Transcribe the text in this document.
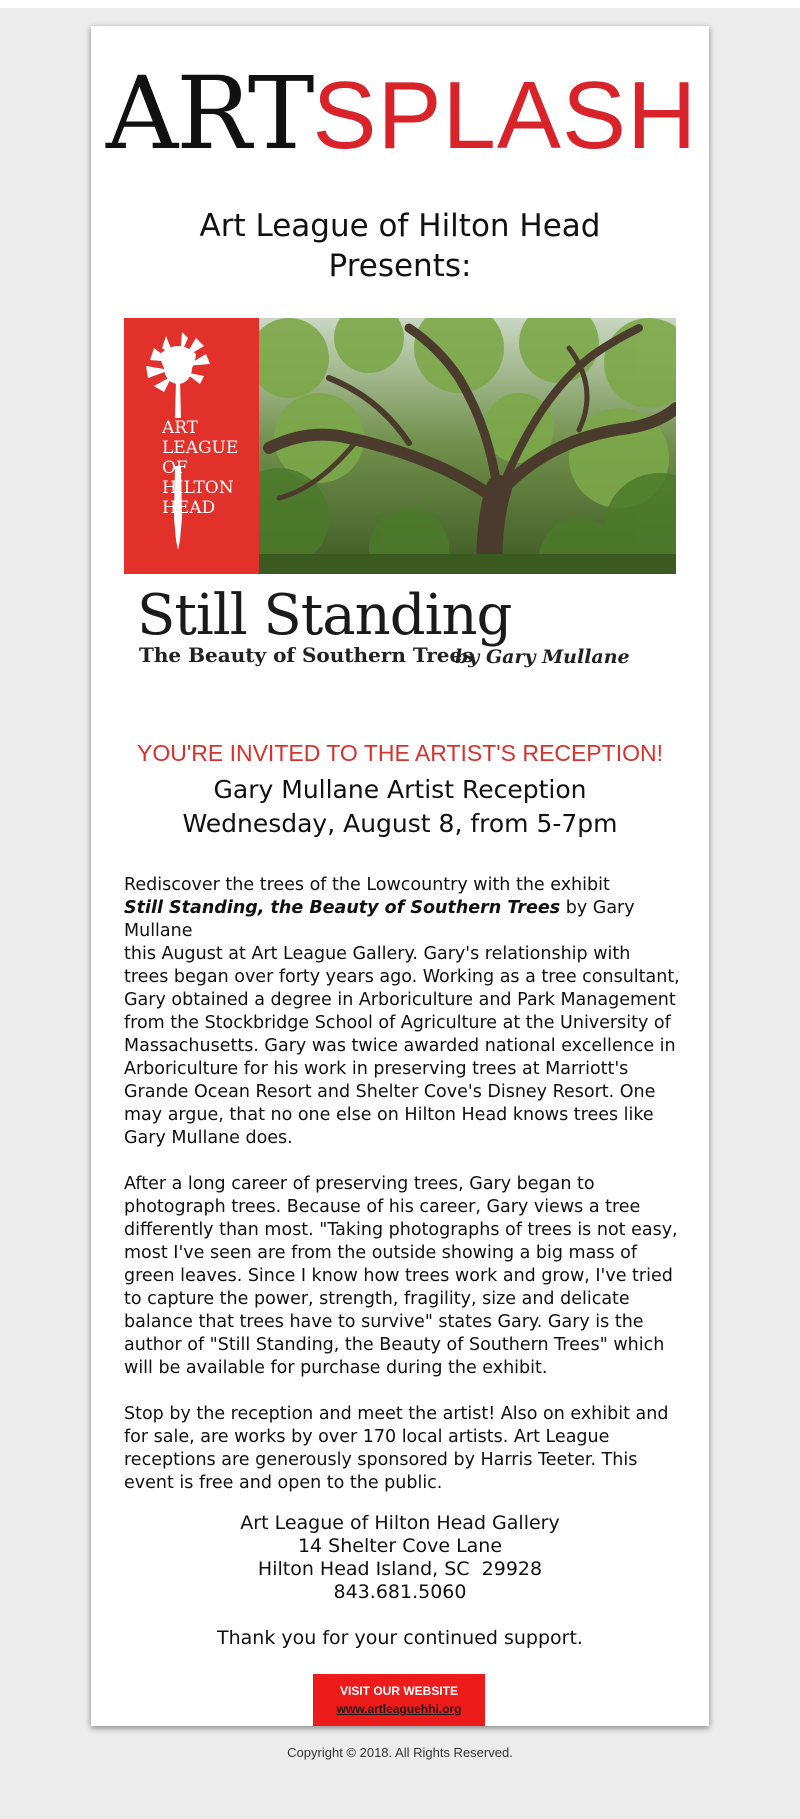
ARTSPLASH
Art League of Hilton Head
Presents:
ART
LEAGUE
OF HILTON
HEAD
Still Standing
The Beauty of Southern Trees
by Gary Mullane
YOU'RE INVITED TO THE ARTIST'S RECEPTION!
Gary Mullane Artist Reception
Wednesday, August 8, from 5-7pm

Rediscover the trees of the Lowcountry with the exhibit
Still Standing, the Beauty of Southern Trees by Gary Mullane
this August at Art League Gallery. Gary's relationship with trees began over forty years ago. Working as a tree consultant, Gary obtained a degree in Arboriculture and Park Management from the Stockbridge School of Agriculture at the University of Massachusetts. Gary was twice awarded national excellence in Arboriculture for his work in preserving trees at Marriott's Grande Ocean Resort and Shelter Cove's Disney Resort. One may argue, that no one else on Hilton Head knows trees like Gary Mullane does.

After a long career of preserving trees, Gary began to photograph trees. Because of his career, Gary views a tree differently than most. "Taking photographs of trees is not easy, most I've seen are from the outside showing a big mass of green leaves. Since I know how trees work and grow, I've tried to capture the power, strength, fragility, size and delicate balance that trees have to survive" states Gary. Gary is the author of "Still Standing, the Beauty of Southern Trees" which will be available for purchase during the exhibit.

Stop by the reception and meet the artist! Also on exhibit and for sale, are works by over 170 local artists. Art League receptions are generously sponsored by Harris Teeter. This event is free and open to the public.

Art League of Hilton Head Gallery
14 Shelter Cove Lane
Hilton Head Island, SC  29928
843.681.5060
Thank you for your continued support.
VISIT OUR WEBSITE
www.artleaguehhi.org
Copyright © 2018. All Rights Reserved.
